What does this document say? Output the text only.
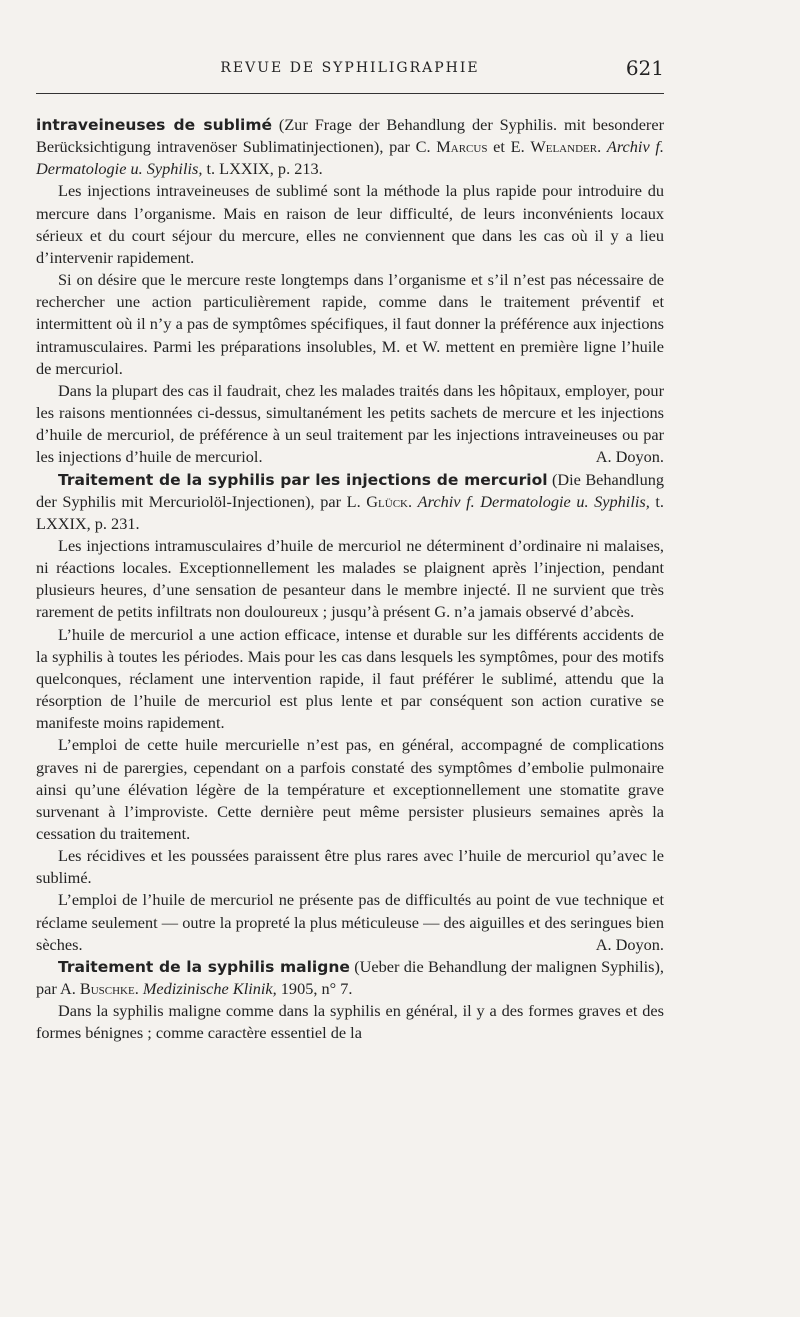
REVUE DE SYPHILIGRAPHIE	621

intraveineuses de sublimé (Zur Frage der Behandlung der Syphilis. mit besonderer Berücksichtigung intravenöser Sublimatinjectionen), par C. Marcus et E. Welander. Archiv f. Dermatologie u. Syphilis, t. LXXIX, p. 213.

Les injections intraveineuses de sublimé sont la méthode la plus rapide pour introduire du mercure dans l’organisme. Mais en raison de leur difficulté, de leurs inconvénients locaux sérieux et du court séjour du mercure, elles ne conviennent que dans les cas où il y a lieu d’intervenir rapidement.

Si on désire que le mercure reste longtemps dans l’organisme et s’il n’est pas nécessaire de rechercher une action particulièrement rapide, comme dans le traitement préventif et intermittent où il n’y a pas de symptômes spécifiques, il faut donner la préférence aux injections intramusculaires. Parmi les préparations insolubles, M. et W. mettent en première ligne l’huile de mercuriol.

Dans la plupart des cas il faudrait, chez les malades traités dans les hôpitaux, employer, pour les raisons mentionnées ci-dessus, simultanément les petits sachets de mercure et les injections d’huile de mercuriol, de préférence à un seul traitement par les injections intraveineuses ou par les injections d’huile de mercuriol.	A. Doyon.

Traitement de la syphilis par les injections de mercuriol (Die Behandlung der Syphilis mit Mercuriolöl-Injectionen), par L. Glück. Archiv f. Dermatologie u. Syphilis, t. LXXIX, p. 231.

Les injections intramusculaires d’huile de mercuriol ne déterminent d’ordinaire ni malaises, ni réactions locales. Exceptionnellement les malades se plaignent après l’injection, pendant plusieurs heures, d’une sensation de pesanteur dans le membre injecté. Il ne survient que très rarement de petits infiltrats non douloureux ; jusqu’à présent G. n’a jamais observé d’abcès.

L’huile de mercuriol a une action efficace, intense et durable sur les différents accidents de la syphilis à toutes les périodes. Mais pour les cas dans lesquels les symptômes, pour des motifs quelconques, réclament une intervention rapide, il faut préférer le sublimé, attendu que la résorption de l’huile de mercuriol est plus lente et par conséquent son action curative se manifeste moins rapidement.

L’emploi de cette huile mercurielle n’est pas, en général, accompagné de complications graves ni de parergies, cependant on a parfois constaté des symptômes d’embolie pulmonaire ainsi qu’une élévation légère de la température et exceptionnellement une stomatite grave survenant à l’improviste. Cette dernière peut même persister plusieurs semaines après la cessation du traitement.

Les récidives et les poussées paraissent être plus rares avec l’huile de mercuriol qu’avec le sublimé.

L’emploi de l’huile de mercuriol ne présente pas de difficultés au point de vue technique et réclame seulement — outre la propreté la plus méticuleuse — des aiguilles et des seringues bien sèches.	A. Doyon.

Traitement de la syphilis maligne (Ueber die Behandlung der malignen Syphilis), par A. Buschke. Medizinische Klinik, 1905, n° 7.

Dans la syphilis maligne comme dans la syphilis en général, il y a des formes graves et des formes bénignes ; comme caractère essentiel de la
